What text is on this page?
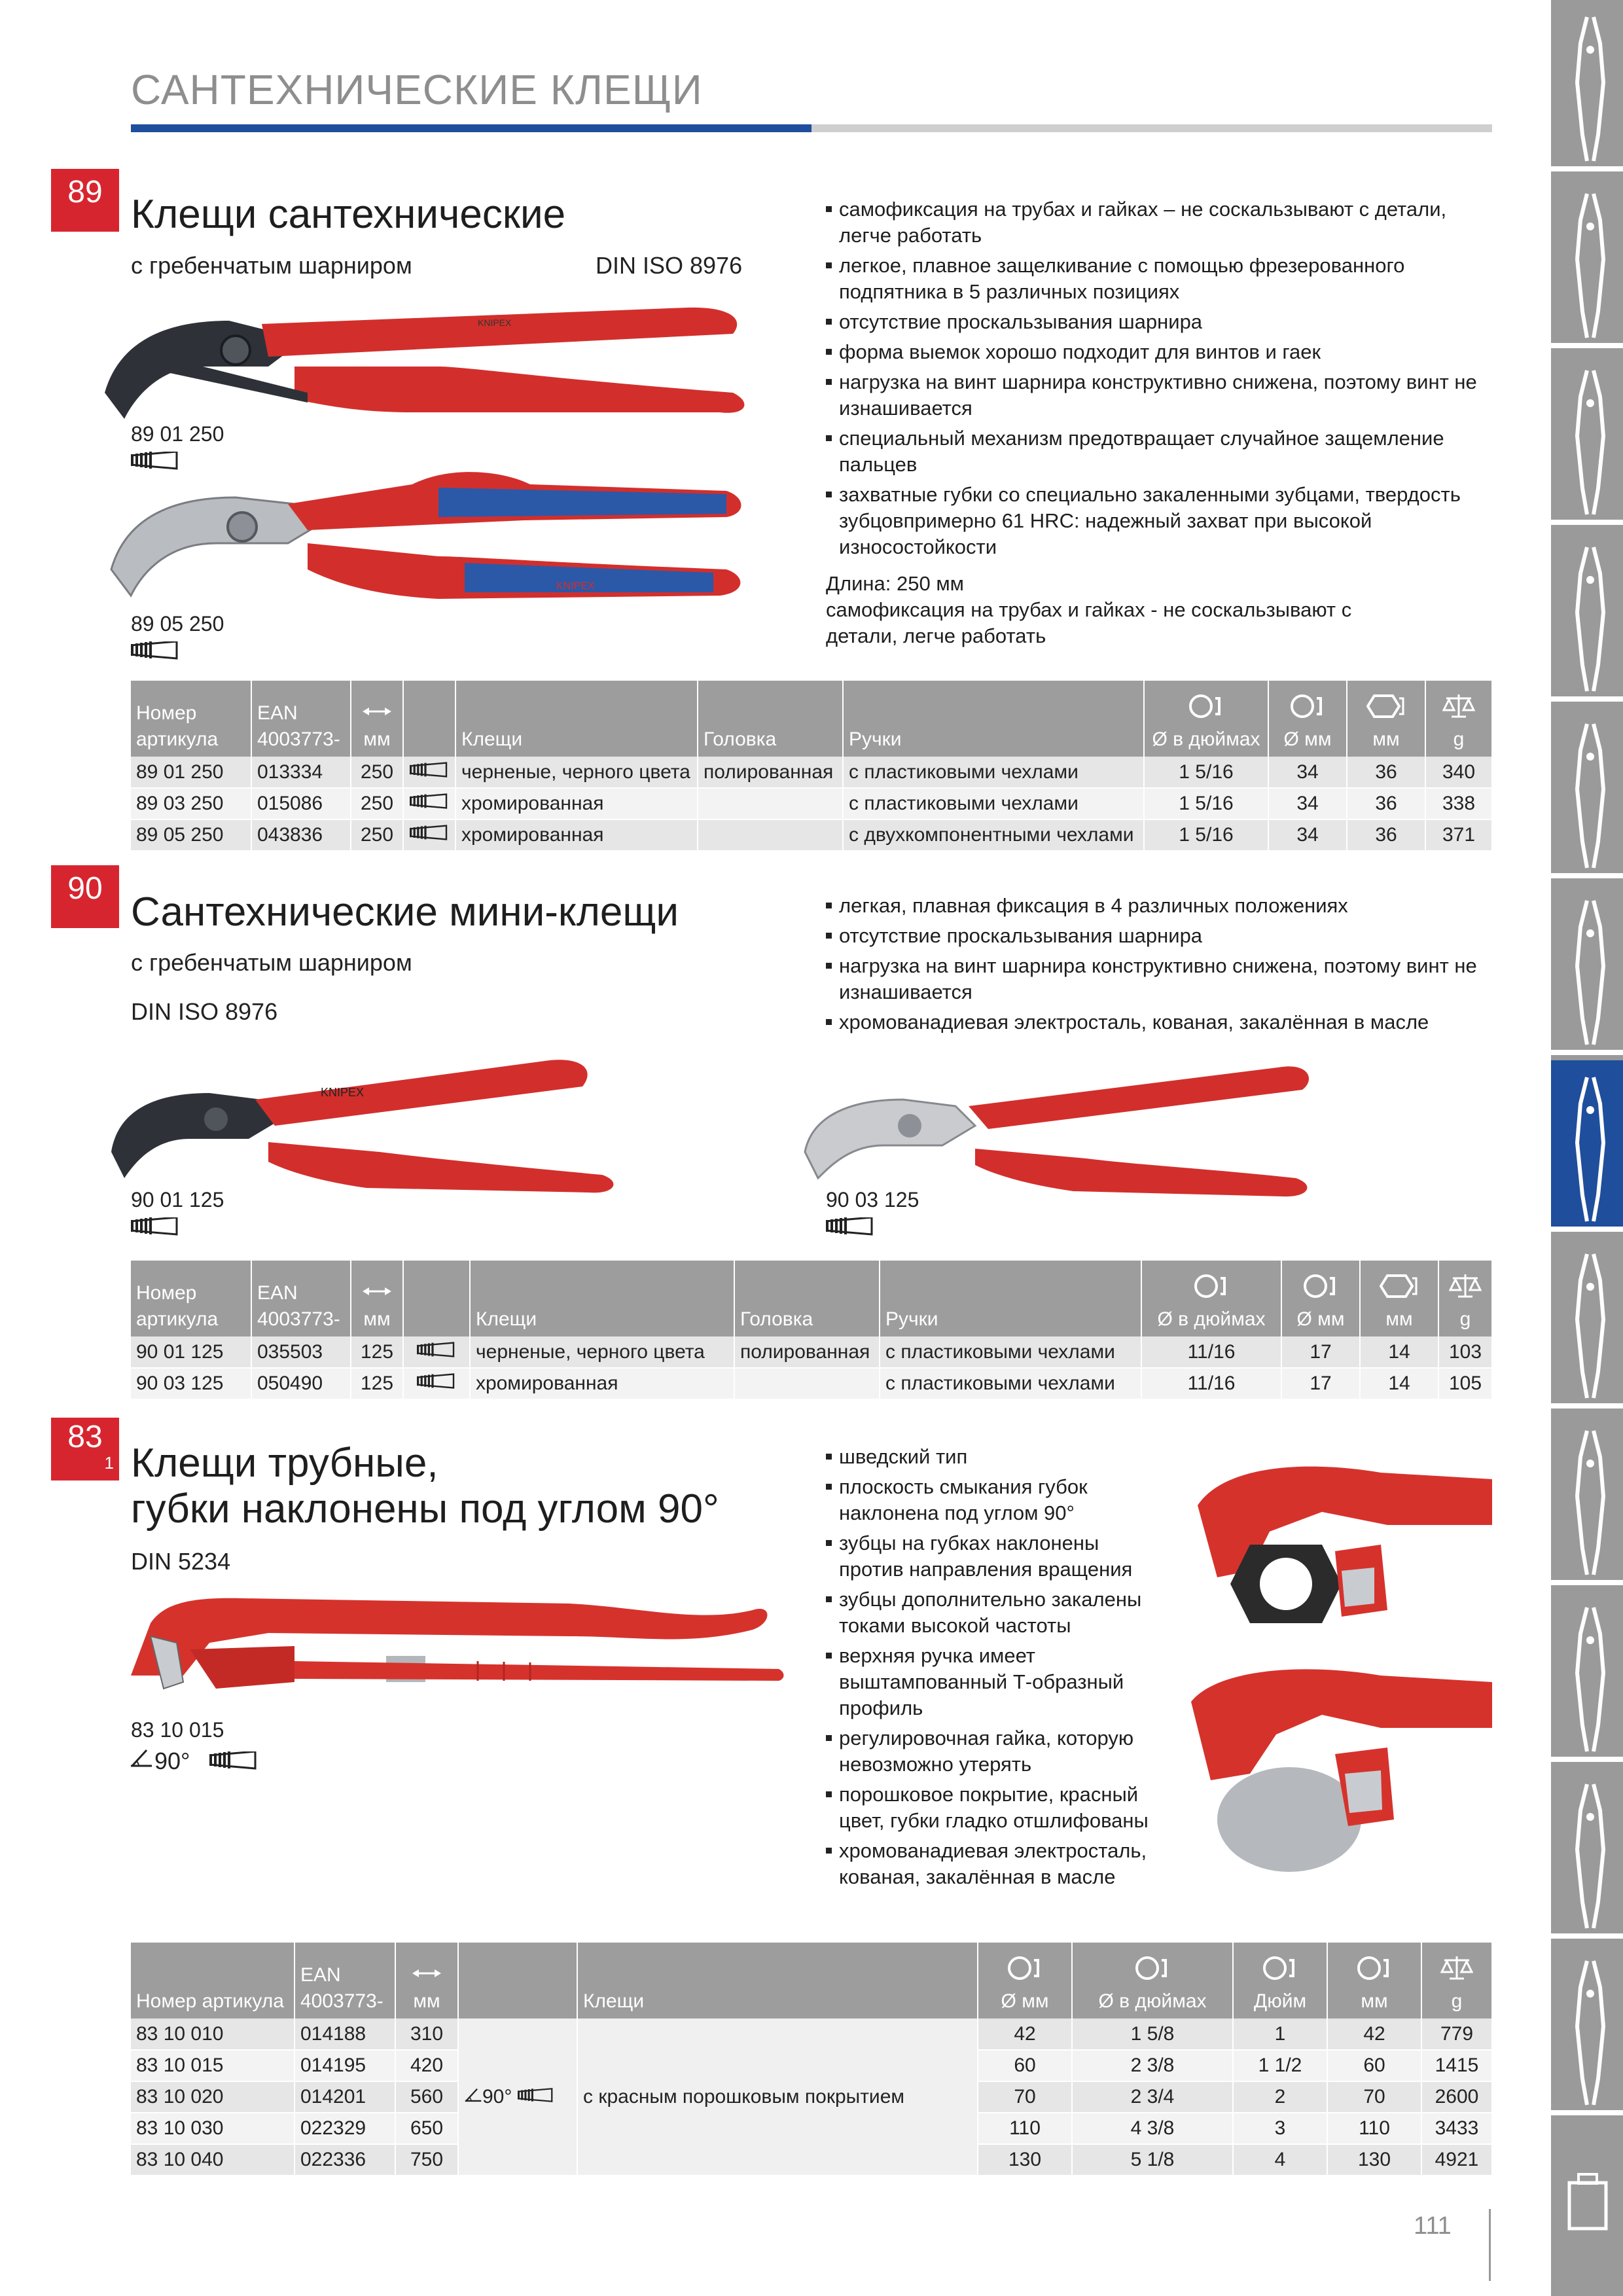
САНТЕХНИЧЕСКИЕ КЛЕЩИ
89 Клещи сантехнические
с гребенчатым шарниром	DIN ISO 8976
KNIPEX
89 01 250
KNIPEX
89 05 250
самофиксация на трубах и гайках – не соскальзывают с детали, легче работать
легкое, плавное защелкивание с помощью фрезерованного подпятника в 5 различных позициях
отсутствие проскальзывания шарнира
форма выемок хорошо подходит для винтов и гаек
нагрузка на винт шарнира конструктивно снижена, поэтому винт не изнашивается
специальный механизм предотвращает случайное защемление пальцев
захватные губки со специально закаленными зубцами, твердость зубцовпримерно 61 HRC: надежный захват при высокой износостойкости
Длина: 250 мм
самофиксация на трубах и гайках - не соскальзывают с детали, легче работать
Номер артикула	EAN 4003773-	мм		Клещи	Головка	Ручки	Ø в дюймах	Ø мм	мм	g
89 01 250	013334	250		черненые, черного цвета	полированная	с пластиковыми чехлами	1 5/16	34	36	340
89 03 250	015086	250		хромированная		с пластиковыми чехлами	1 5/16	34	36	338
89 05 250	043836	250		хромированная		с двухкомпонентными чехлами	1 5/16	34	36	371
90
Сантехнические мини-клещи
с гребенчатым шарниром
DIN ISO 8976
легкая, плавная фиксация в 4 различных положениях
отсутствие проскальзывания шарнира
нагрузка на винт шарнира конструктивно снижена, поэтому винт не изнашивается
хромованадиевая электросталь, кованая, закалённая в масле
KNIPEX
90 01 125	90 03 125
Номер артикула	EAN 4003773-	мм		Клещи	Головка	Ручки	Ø в дюймах	Ø мм	мм	g
90 01 125	035503	125		черненые, черного цвета	полированная	с пластиковыми чехлами	11/16	17	14	103
90 03 125	050490	125		хромированная		с пластиковыми чехлами	11/16	17	14	105
83
1 Клещи трубные,
губки наклонены под углом 90°
DIN 5234
83 10 015
90°
шведский тип
плоскость смыкания губок наклонена под углом 90°
зубцы на губках наклонены против направления вращения
зубцы дополнительно закалены токами высокой частоты
верхняя ручка имеет выштампованный Т-образный профиль
регулировочная гайка, которую невозможно утерять
порошковое покрытие, красный цвет, губки гладко отшлифованы
хромованадиевая электросталь, кованая, закалённая в масле
Номер артикула	EAN 4003773-	мм		Клещи	Ø мм	Ø в дюймах	Дюйм	мм	g
83 10 010	014188	310	90°	с красным порошковым покрытием	42	1 5/8	1	42	779
83 10 015	014195	420			60	2 3/8	1 1/2	60	1415
83 10 020	014201	560			70	2 3/4	2	70	2600
83 10 030	022329	650			110	4 3/8	3	110	3433
83 10 040	022336	750			130	5 1/8	4	130	4921
111
